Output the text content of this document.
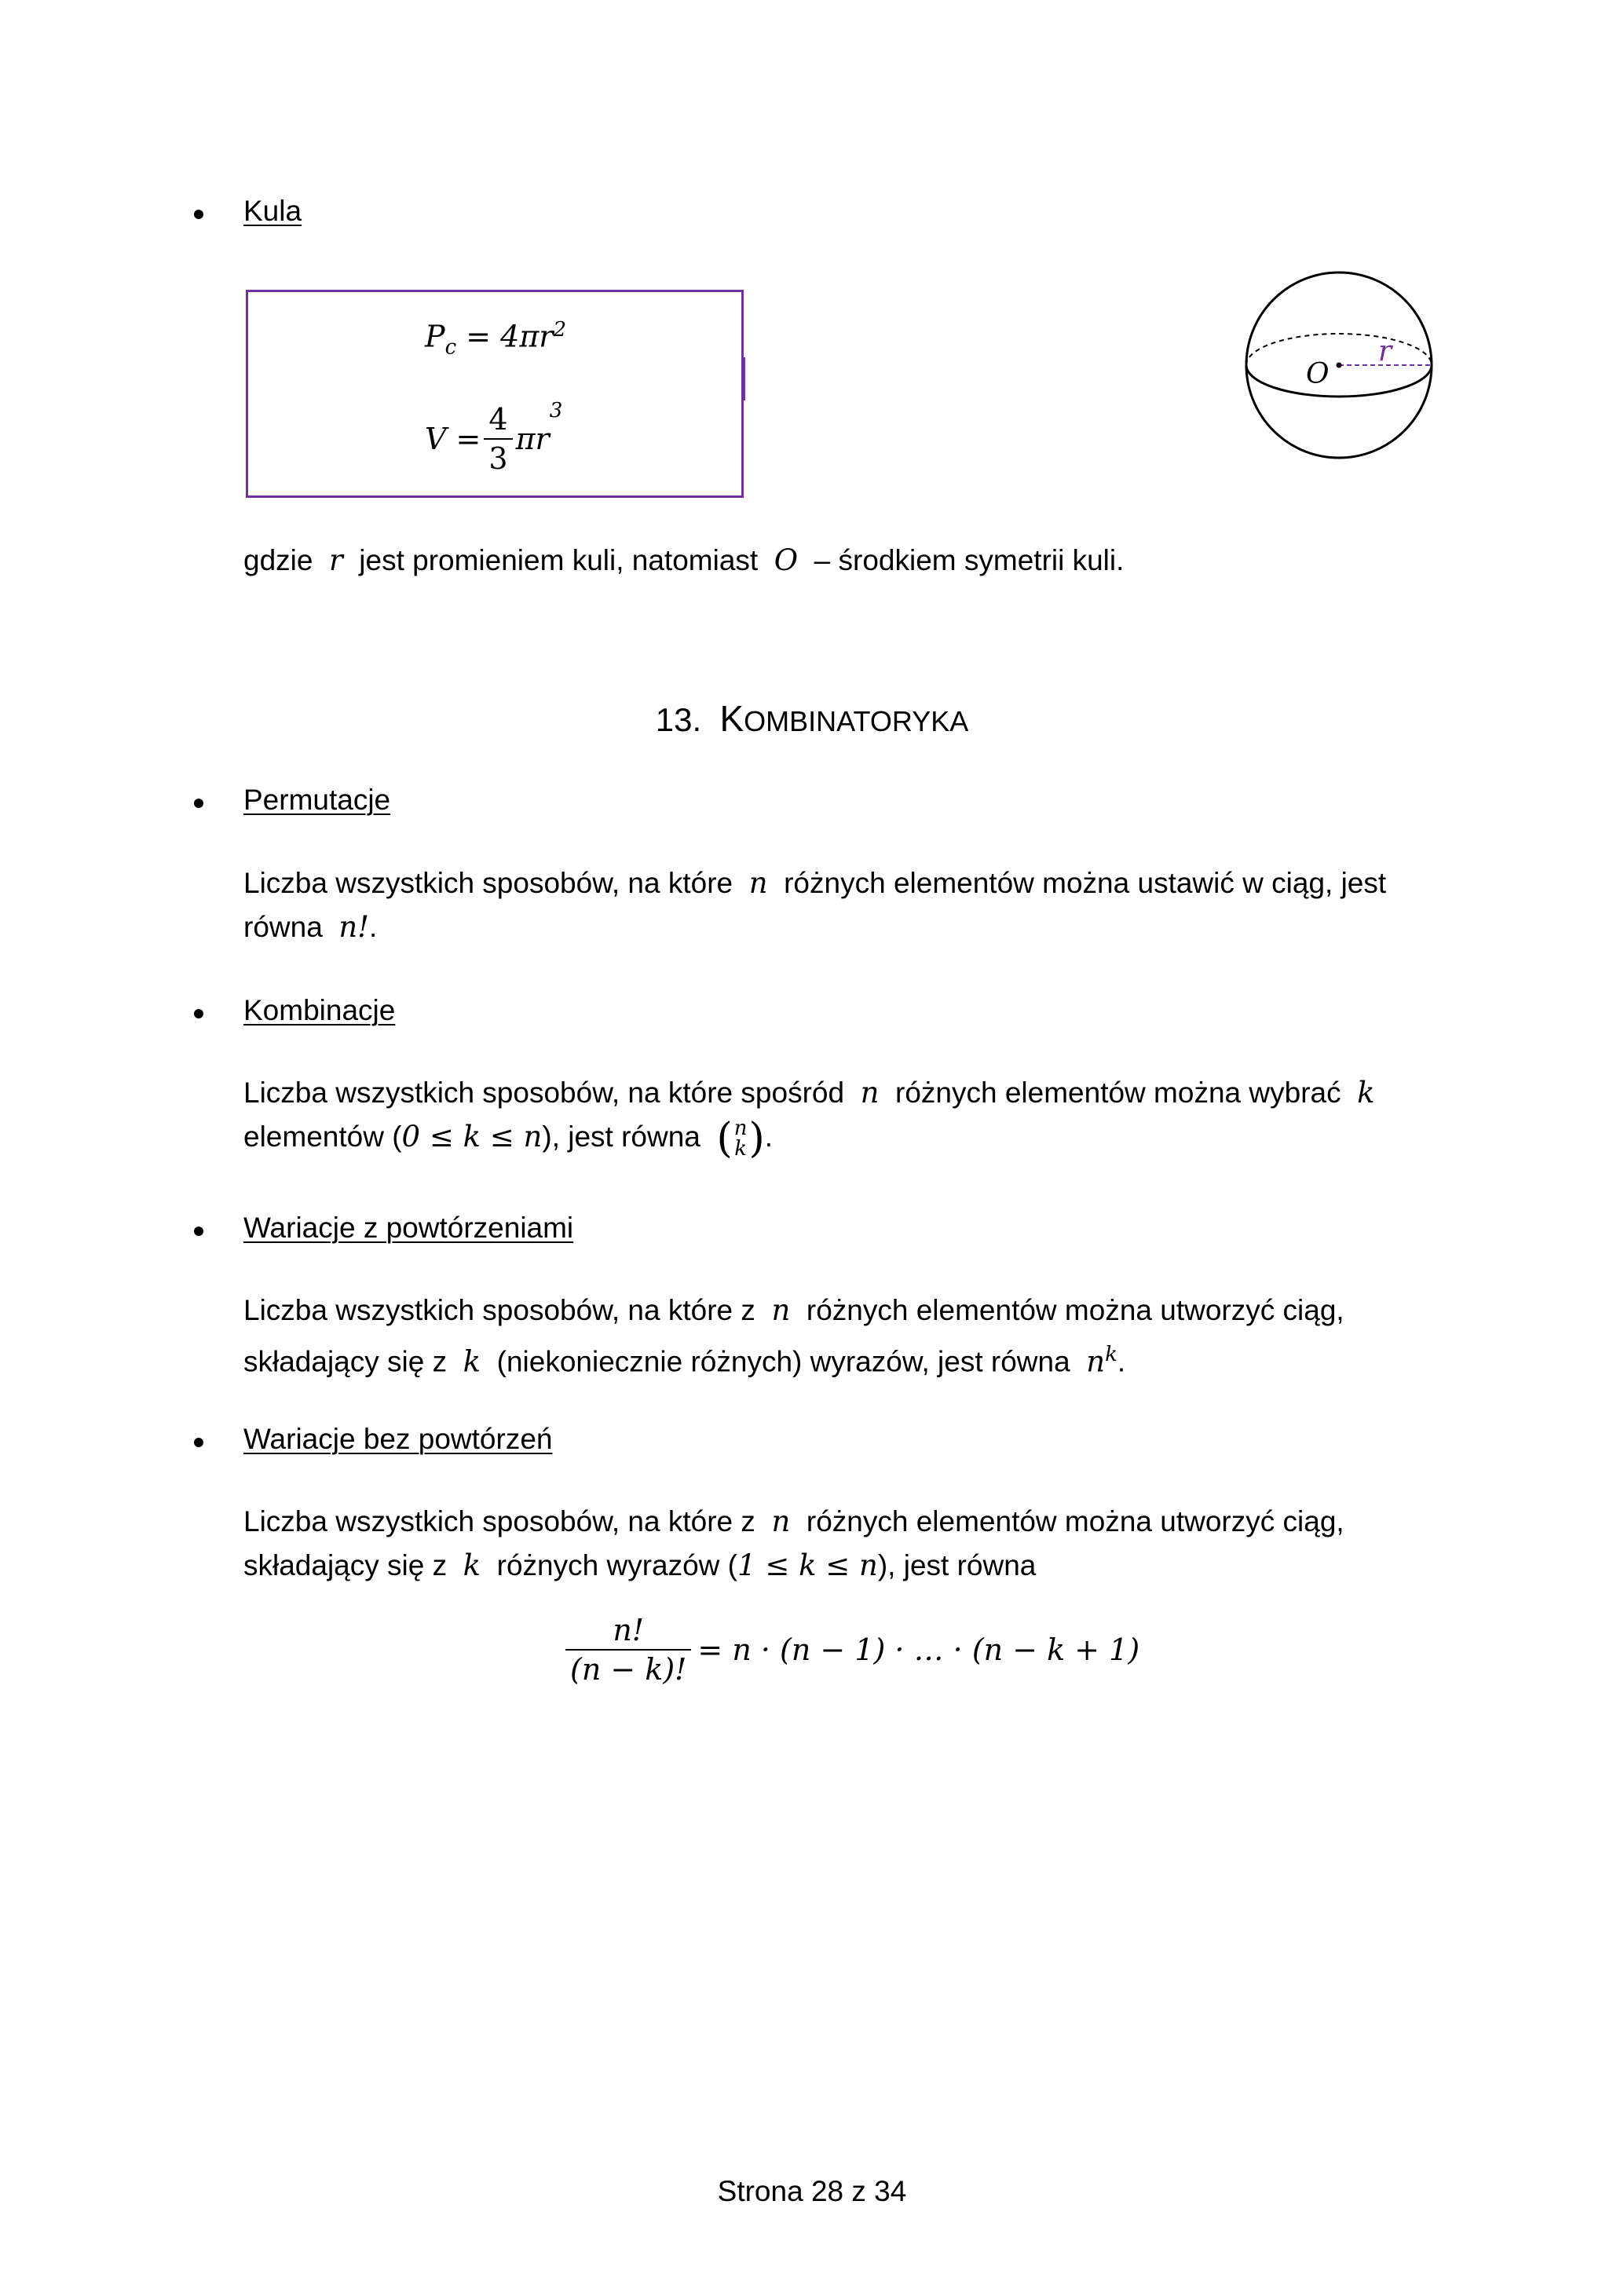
Kula
$P_c = 4\pi r^2$
$V = \frac{4}{3}$ πr
$^3$
O
r
gdzie r jest promieniem kuli, natomiast O – środkiem symetrii kuli.
13. KOMBINATORYKA
Permutacje
Liczba wszystkich sposobów, na które n różnych elementów można ustawić w ciąg, jest
równa n!.
Kombinacje
Liczba wszystkich sposobów, na które spośród n różnych elementów można wybrać k
elementów (0 ≤ k ≤ n), jest równa ( n
k ) .
Wariacje z powtórzeniami
Liczba wszystkich sposobów, na które z n różnych elementów można utworzyć ciąg,
składający się z k (niekoniecznie różnych) wyrazów, jest równa $n^k$.
Wariacje bez powtórzeń
Liczba wszystkich sposobów, na które z n różnych elementów można utworzyć ciąg,
składający się z k różnych wyrazów (1 ≤ k ≤ n), jest równa
$\frac{n!}{(n - k)!} = n \cdot (n - 1)$ · … · (n − k + 1)
Strona 28 z 34
